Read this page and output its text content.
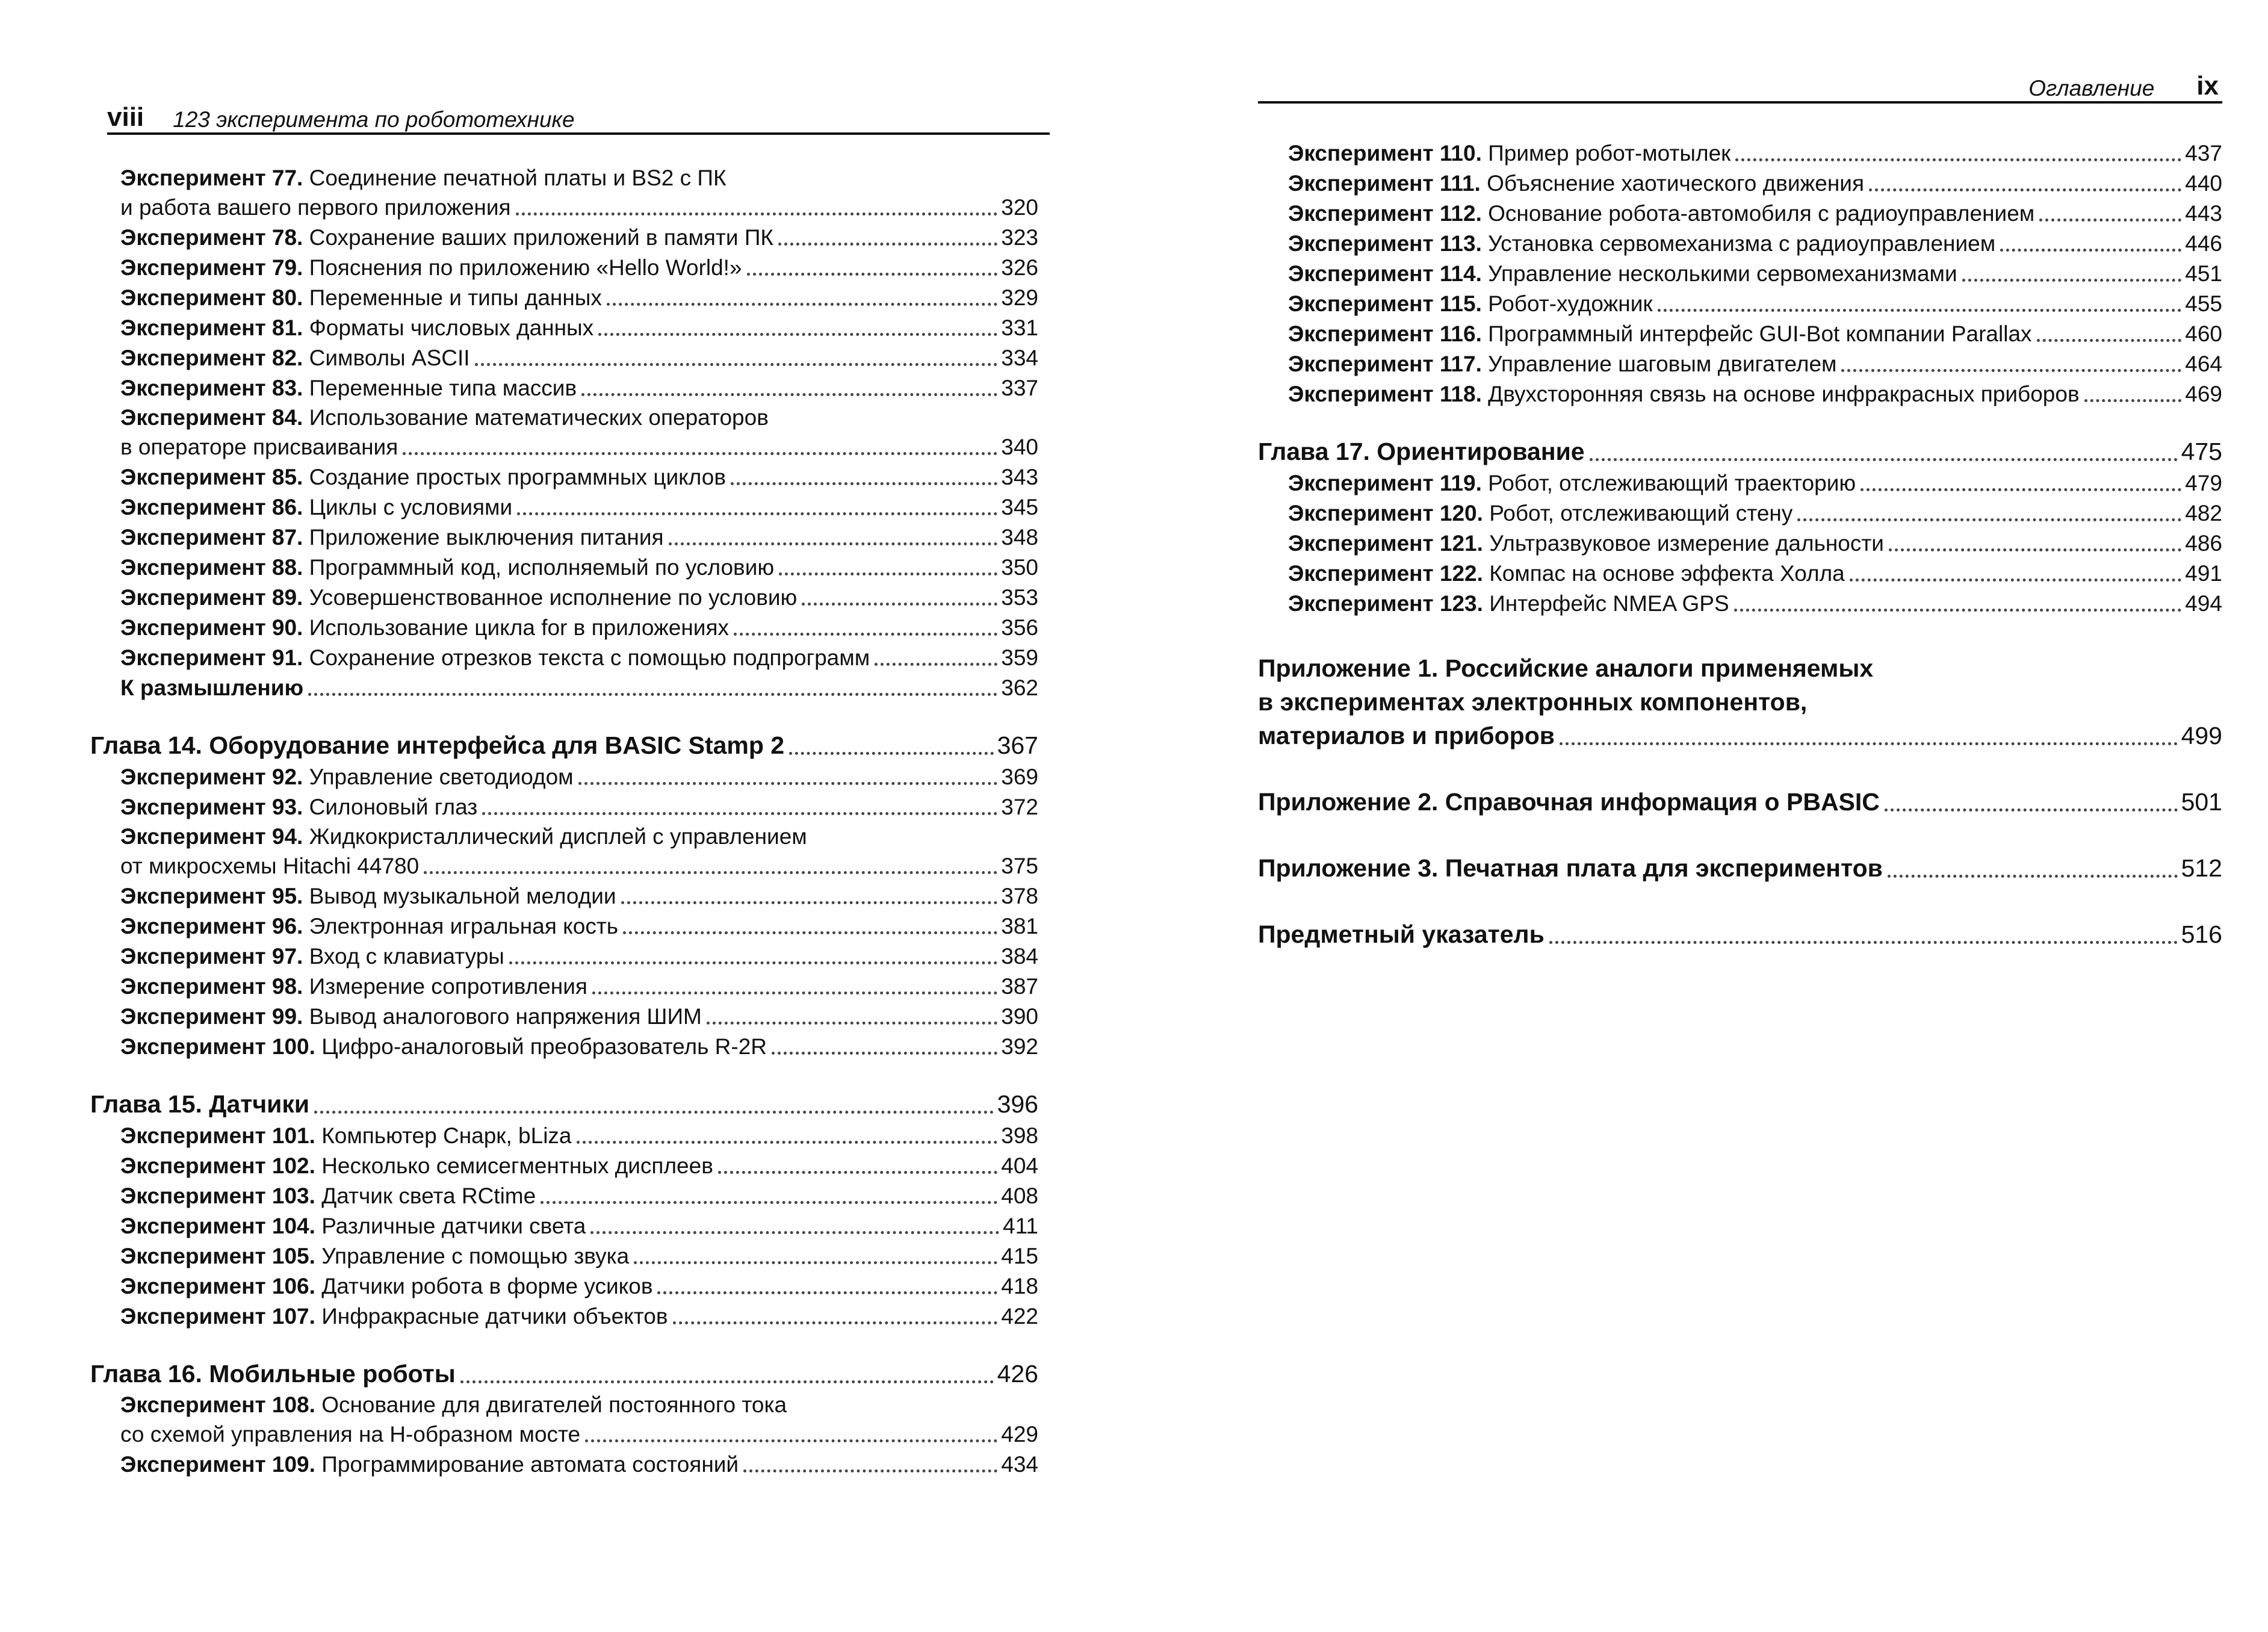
viii 123 эксперимента по робототехнике
Эксперимент 77. Соединение печатной платы и BS2 с ПК
и работа вашего первого приложения	320
Эксперимент 78. Сохранение ваших приложений в памяти ПК	323
Эксперимент 79. Пояснения по приложению «Hello World!»	326
Эксперимент 80. Переменные и типы данных	329
Эксперимент 81. Форматы числовых данных	331
Эксперимент 82. Символы ASCII	334
Эксперимент 83. Переменные типа массив	337
Эксперимент 84. Использование математических операторов
в операторе присваивания	340
Эксперимент 85. Создание простых программных циклов	343
Эксперимент 86. Циклы с условиями	345
Эксперимент 87. Приложение выключения питания	348
Эксперимент 88. Программный код, исполняемый по условию	350
Эксперимент 89. Усовершенствованное исполнение по условию	353
Эксперимент 90. Использование цикла for в приложениях	356
Эксперимент 91. Сохранение отрезков текста с помощью подпрограмм	359
К размышлению	362
Глава 14. Оборудование интерфейса для BASIC Stamp 2	367
Эксперимент 92. Управление светодиодом	369
Эксперимент 93. Силоновый глаз	372
Эксперимент 94. Жидкокристаллический дисплей с управлением
от микросхемы Hitachi 44780	375
Эксперимент 95. Вывод музыкальной мелодии	378
Эксперимент 96. Электронная игральная кость	381
Эксперимент 97. Вход с клавиатуры	384
Эксперимент 98. Измерение сопротивления	387
Эксперимент 99. Вывод аналогового напряжения ШИМ	390
Эксперимент 100. Цифро-аналоговый преобразователь R-2R	392
Глава 15. Датчики	396
Эксперимент 101. Компьютер Снарк, bLiza	398
Эксперимент 102. Несколько семисегментных дисплеев	404
Эксперимент 103. Датчик света RCtime	408
Эксперимент 104. Различные датчики света	411
Эксперимент 105. Управление с помощью звука	415
Эксперимент 106. Датчики робота в форме усиков	418
Эксперимент 107. Инфракрасные датчики объектов	422
Глава 16. Мобильные роботы	426
Эксперимент 108. Основание для двигателей постоянного тока
со схемой управления на H-образном мосте	429
Эксперимент 109. Программирование автомата состояний	434
Оглавление ix
Эксперимент 110. Пример робот-мотылек	437
Эксперимент 111. Объяснение хаотического движения	440
Эксперимент 112. Основание робота-автомобиля с радиоуправлением	443
Эксперимент 113. Установка сервомеханизма с радиоуправлением	446
Эксперимент 114. Управление несколькими сервомеханизмами	451
Эксперимент 115. Робот-художник	455
Эксперимент 116. Программный интерфейс GUI-Bot компании Parallax	460
Эксперимент 117. Управление шаговым двигателем	464
Эксперимент 118. Двухсторонняя связь на основе инфракрасных приборов	469
Глава 17. Ориентирование	475
Эксперимент 119. Робот, отслеживающий траекторию	479
Эксперимент 120. Робот, отслеживающий стену	482
Эксперимент 121. Ультразвуковое измерение дальности	486
Эксперимент 122. Компас на основе эффекта Холла	491
Эксперимент 123. Интерфейс NMEA GPS	494
Приложение 1. Российские аналоги применяемых
в экспериментах электронных компонентов,
материалов и приборов	499
Приложение 2. Справочная информация о PBASIC	501
Приложение 3. Печатная плата для экспериментов	512
Предметный указатель	516
